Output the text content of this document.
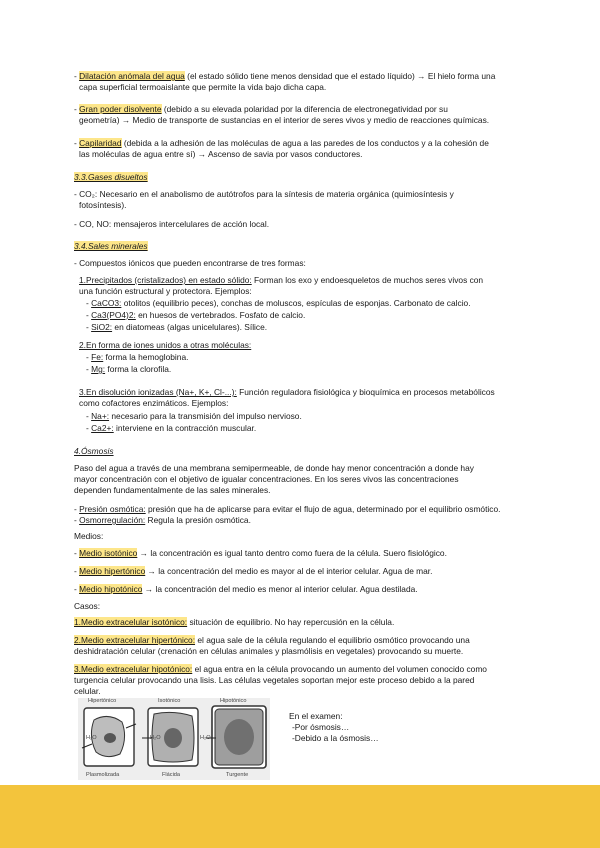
- Dilatación anómala del agua (el estado sólido tiene menos densidad que el estado líquido) → El hielo forma una
capa superficial termoaislante que permite la vida bajo dicha capa.
- Gran poder disolvente (debido a su elevada polaridad por la diferencia de electronegatividad por su
geometría) → Medio de transporte de sustancias en el interior de seres vivos y medio de reacciones químicas.
- Capilaridad (debida a la adhesión de las moléculas de agua a las paredes de los conductos y a la cohesión de
las moléculas de agua entre sí) → Ascenso de savia por vasos conductores.
3.3.Gases disueltos
- CO₂: Necesario en el anabolismo de autótrofos para la síntesis de materia orgánica (quimiosíntesis y
fotosíntesis).
- CO, NO: mensajeros intercelulares de acción local.
3.4.Sales minerales
- Compuestos iónicos que pueden encontrarse de tres formas:
1.Precipitados (cristalizados) en estado sólido: Forman los exo y endoesqueletos de muchos seres vivos con
una función estructural y protectora. Ejemplos:
- CaCO3: otolitos (equilibrio peces), conchas de moluscos, espículas de esponjas. Carbonato de calcio.
- Ca3(PO4)2: en huesos de vertebrados. Fosfato de calcio.
- SiO2: en diatomeas (algas unicelulares). Sílice.
2.En forma de iones unidos a otras moléculas:
- Fe: forma la hemoglobina.
- Mg: forma la clorofila.
3.En disolución ionizadas (Na+, K+, Cl-...): Función reguladora fisiológica y bioquímica en procesos metabólicos
como cofactores enzimáticos. Ejemplos:
- Na+: necesario para la transmisión del impulso nervioso.
- Ca2+: interviene en la contracción muscular.
4.Ósmosis
Paso del agua a través de una membrana semipermeable, de donde hay menor concentración a donde hay
mayor concentración con el objetivo de igualar concentraciones. En los seres vivos las concentraciones
dependen fundamentalmente de las sales minerales.
- Presión osmótica: presión que ha de aplicarse para evitar el flujo de agua, determinado por el equilibrio osmótico.
- Osmorregulación: Regula la presión osmótica.
Medios:
- Medio isotónico → la concentración es igual tanto dentro como fuera de la célula. Suero fisiológico.
- Medio hipertónico → la concentración del medio es mayor al de el interior celular. Agua de mar.
- Medio hipotónico → la concentración del medio es menor al interior celular. Agua destilada.
Casos:
1.Medio extracelular isotónico: situación de equilibrio. No hay repercusión en la célula.
2.Medio extracelular hipertónico: el agua sale de la célula regulando el equilibrio osmótico provocando una
deshidratación celular (crenación en células animales y plasmólisis en vegetales) provocando su muerte.
3.Medio extracelular hipotónico: el agua entra en la célula provocando un aumento del volumen conocido como
turgencia celular provocando una lisis. Las células vegetales soportan mejor este proceso debido a la pared
celular.
Hipertónico	Isotónico	Hipotónico
H₂O	H₂O	H₂O
Plasmolizada	Flácida	Turgente
En el examen:
-Por ósmosis…
-Debido a la ósmosis…
